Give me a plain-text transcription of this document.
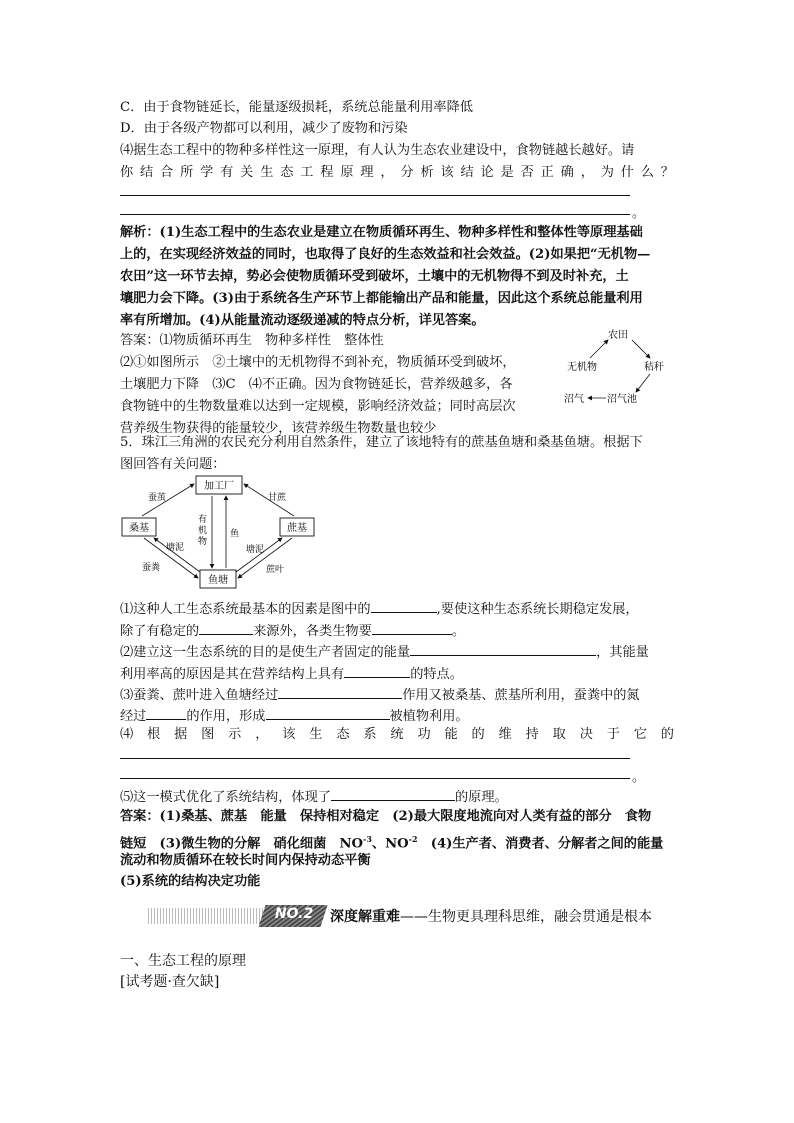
C．由于食物链延长，能量逐级损耗，系统总能量利用率降低
D．由于各级产物都可以利用，减少了废物和污染
⑷据生态工程中的物种多样性这一原理，有人认为生态农业建设中，食物链越长越好。请
你结合所学有关生态工程原理，分析该结论是否正确，为什么？
。
解析：(1)生态工程中的生态农业是建立在物质循环再生、物种多样性和整体性等原理基础
上的，在实现经济效益的同时，也取得了良好的生态效益和社会效益。(2)如果把“无机物—
农田”这一环节去掉，势必会使物质循环受到破坏，土壤中的无机物得不到及时补充，土
壤肥力会下降。(3)由于系统各生产环节上都能输出产品和能量，因此这个系统总能量利用
率有所增加。(4)从能量流动逐级递减的特点分析，详见答案。
答案：⑴物质循环再生　物种多样性　整体性
⑵①如图所示　②土壤中的无机物得不到补充，物质循环受到破坏，
土壤肥力下降　⑶C　⑷不正确。因为食物链延长，营养级越多，各
食物链中的生物数量难以达到一定规模，影响经济效益；同时高层次
营养级生物获得的能量较少，该营养级生物数量也较少
农田
秸秆
沼气池
沼气
无机物
5．珠江三角洲的农民充分利用自然条件，建立了该地特有的蔗基鱼塘和桑基鱼塘。根据下
图回答有关问题：
加工厂
桑基	蔗基
鱼塘
蚕茧	甘蔗
有
机
物
鱼
塘泥	塘泥
蚕粪	蔗叶
⑴这种人工生态系统最基本的因素是图中的	,要使这种生态系统长期稳定发展，
除了有稳定的	来源外，各类生物要	。
⑵建立这一生态系统的目的是使生产者固定的能量	，其能量
利用率高的原因是其在营养结构上具有	的特点。
⑶蚕粪、蔗叶进入鱼塘经过	作用又被桑基、蔗基所利用，蚕粪中的氮
经过	的作用，形成	被植物利用。
⑷根据图示，该生态系统功能的维持取决于它的
。
⑸这一模式优化了系统结构，体现了	的原理。
答案：(1)桑基、蔗基　能量　保持相对稳定　(2)最大限度地流向对人类有益的部分　食物
链短　(3)微生物的分解　硝化细菌　$NO^{-3}$、$NO^{-2}$　(4)生产者、消费者、分解者之间的能量
流动和物质循环在较长时间内保持动态平衡
(5)系统的结构决定功能
NO.2	深度解重难——生物更具理科思维，融会贯通是根本
一、生态工程的原理
[试考题·查欠缺]
